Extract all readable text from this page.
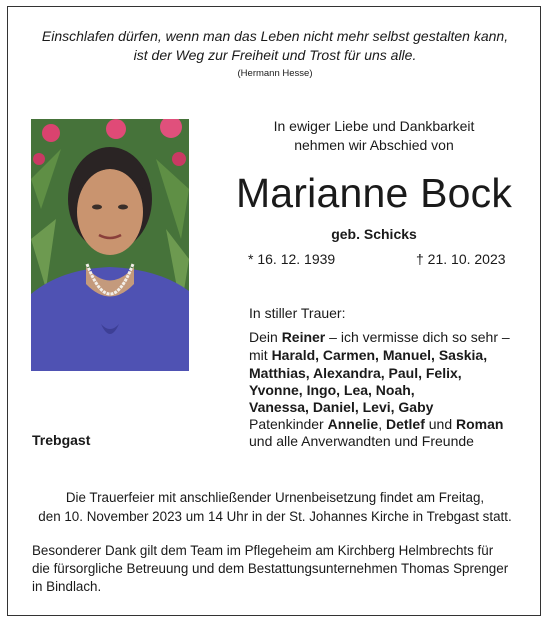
Einschlafen dürfen, wenn man das Leben nicht mehr selbst gestalten kann,
ist der Weg zur Freiheit und Trost für uns alle.
(Hermann Hesse)
In ewiger Liebe und Dankbarkeit
nehmen wir Abschied von
Marianne Bock
geb. Schicks
* 16. 12. 1939	† 21. 10. 2023
In stiller Trauer:
Dein Reiner – ich vermisse dich so sehr –
mit Harald, Carmen, Manuel, Saskia,
Matthias, Alexandra, Paul, Felix,
Yvonne, Ingo, Lea, Noah,
Vanessa, Daniel, Levi, Gaby
Patenkinder Annelie, Detlef und Roman
und alle Anverwandten und Freunde
Trebgast
Die Trauerfeier mit anschließender Urnenbeisetzung findet am Freitag,
den 10. November 2023 um 14 Uhr in der St. Johannes Kirche in Trebgast statt.
Besonderer Dank gilt dem Team im Pflegeheim am Kirchberg Helmbrechts für
die fürsorgliche Betreuung und dem Bestattungsunternehmen Thomas Sprenger
in Bindlach.
